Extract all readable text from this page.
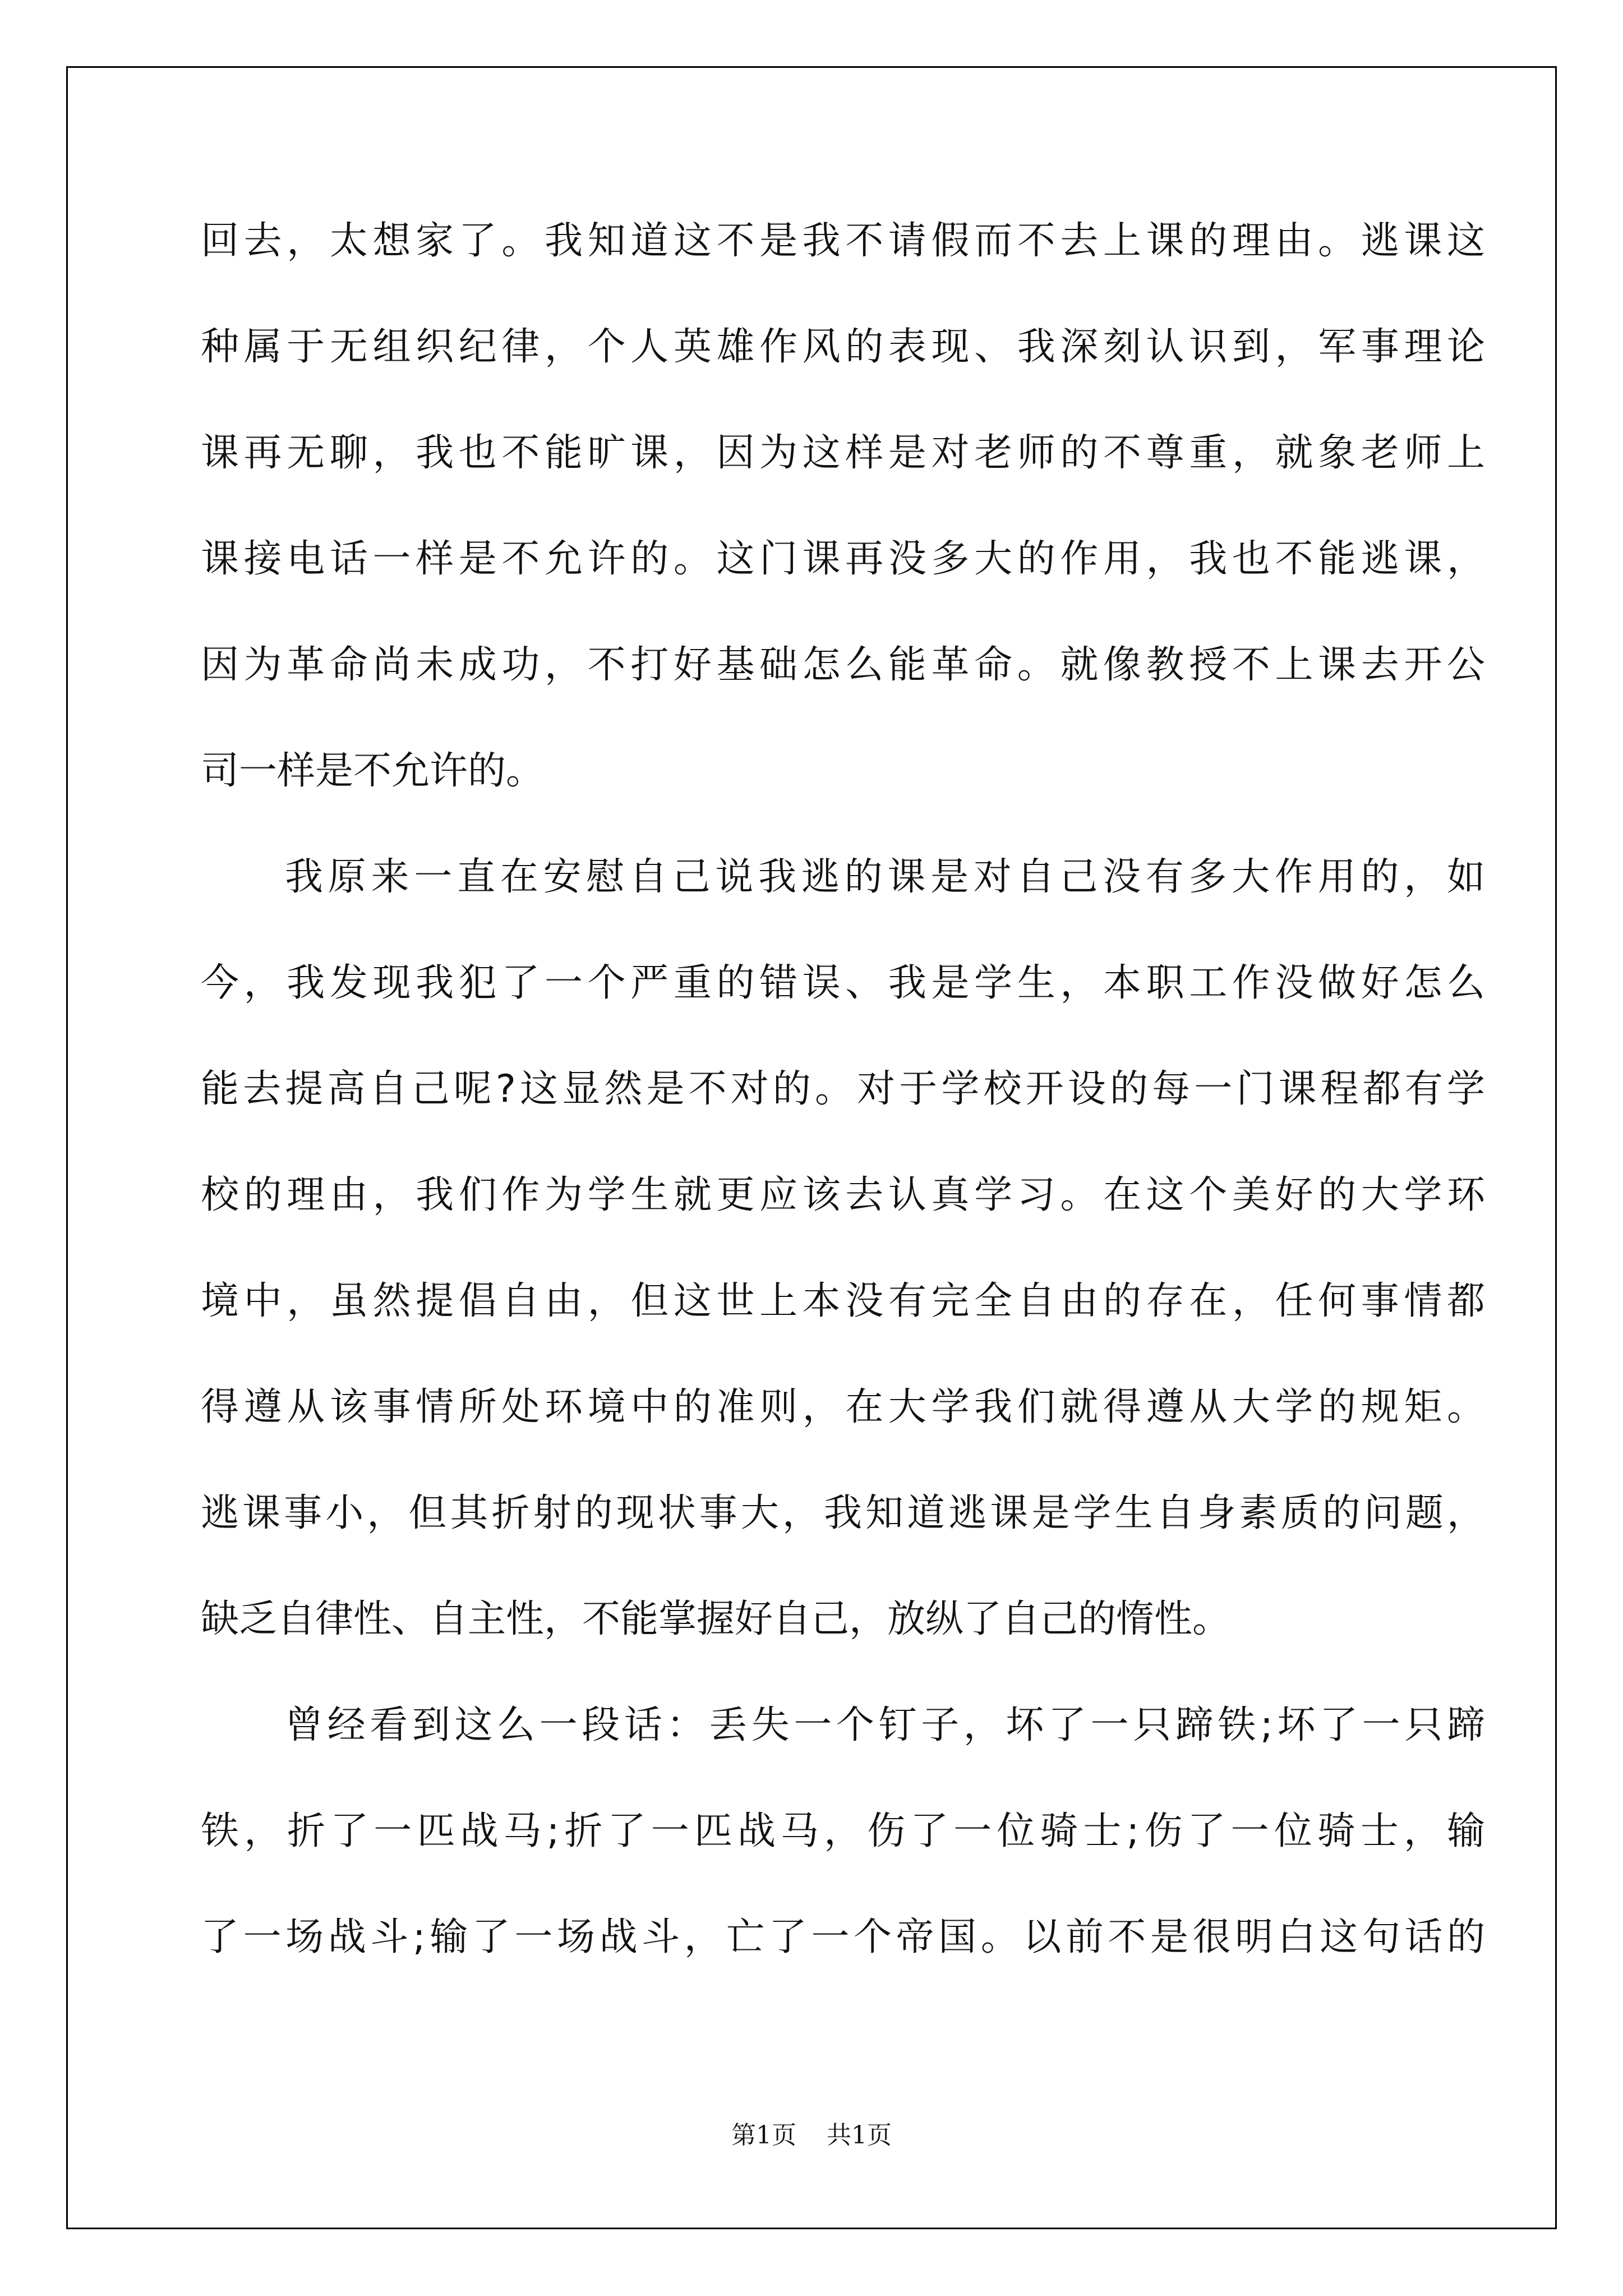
回去，太想家了。我知道这不是我不请假而不去上课的理由。逃课这
种属于无组织纪律，个人英雄作风的表现、我深刻认识到，军事理论
课再无聊，我也不能旷课，因为这样是对老师的不尊重，就象老师上
课接电话一样是不允许的。这门课再没多大的作用，我也不能逃课，
因为革命尚未成功，不打好基础怎么能革命。就像教授不上课去开公
司一样是不允许的。
我原来一直在安慰自己说我逃的课是对自己没有多大作用的，如
今，我发现我犯了一个严重的错误、我是学生，本职工作没做好怎么
能去提高自己呢?这显然是不对的。对于学校开设的每一门课程都有学
校的理由，我们作为学生就更应该去认真学习。在这个美好的大学环
境中，虽然提倡自由，但这世上本没有完全自由的存在，任何事情都
得遵从该事情所处环境中的准则，在大学我们就得遵从大学的规矩。
逃课事小，但其折射的现状事大，我知道逃课是学生自身素质的问题，
缺乏自律性、自主性，不能掌握好自己，放纵了自己的惰性。
曾经看到这么一段话：丢失一个钉子，坏了一只蹄铁;坏了一只蹄
铁，折了一匹战马;折了一匹战马，伤了一位骑士;伤了一位骑士，输
了一场战斗;输了一场战斗，亡了一个帝国。以前不是很明白这句话的
第1页 共1页
